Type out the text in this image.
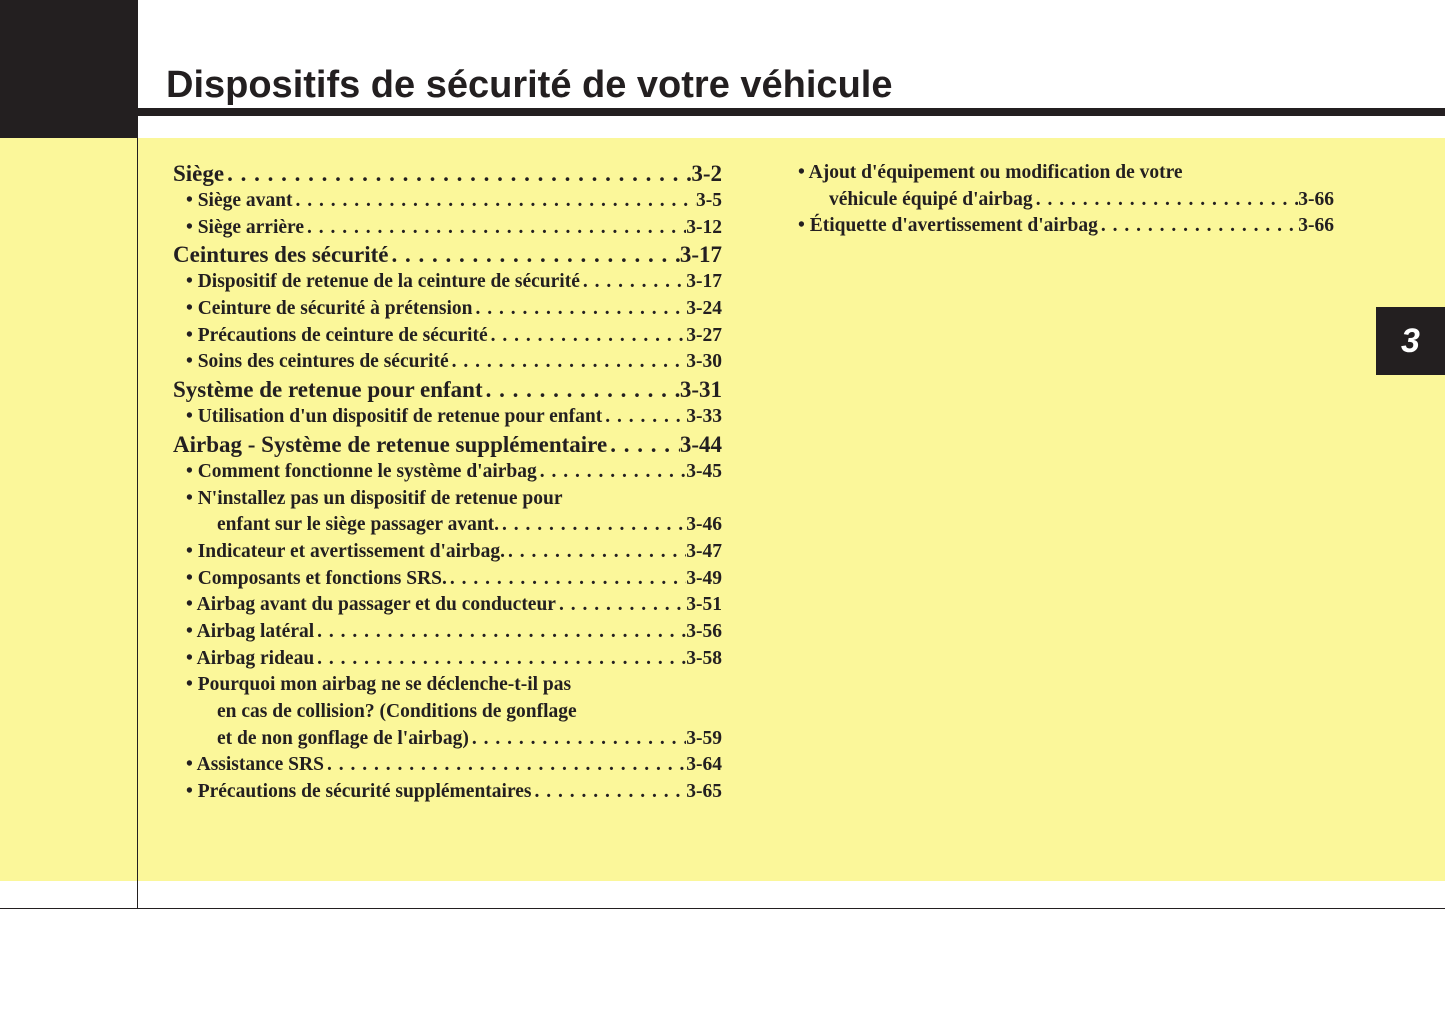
Dispositifs de sécurité de votre véhicule
3
Siège . . .	3-2
• Siège avant . . .	3-5
• Siège arrière . . .	3-12
Ceintures des sécurité . . .	3-17
• Dispositif de retenue de la ceinture de sécurité . . .	3-17
• Ceinture de sécurité à prétension . . .	3-24
• Précautions de ceinture de sécurité . . .	3-27
• Soins des ceintures de sécurité . . .	3-30
Système de retenue pour enfant . . .	3-31
• Utilisation d'un dispositif de retenue pour enfant . . .	3-33
Airbag - Système de retenue supplémentaire . . .	3-44
• Comment fonctionne le système d'airbag . . .	3-45
• N'installez pas un dispositif de retenue pour
enfant sur le siège passager avant. . . .	3-46
• Indicateur et avertissement d'airbag. . . .	3-47
• Composants et fonctions SRS. . . .	3-49
• Airbag avant du passager et du conducteur . . .	3-51
• Airbag latéral . . .	3-56
• Airbag rideau . . .	3-58
• Pourquoi mon airbag ne se déclenche-t-il pas
en cas de collision? (Conditions de gonflage
et de non gonflage de l'airbag) . . .	3-59
• Assistance SRS . . .	3-64
• Précautions de sécurité supplémentaires . . .	3-65
• Ajout d'équipement ou modification de votre
véhicule équipé d'airbag . . .	3-66
• Étiquette d'avertissement d'airbag . . .	3-66
